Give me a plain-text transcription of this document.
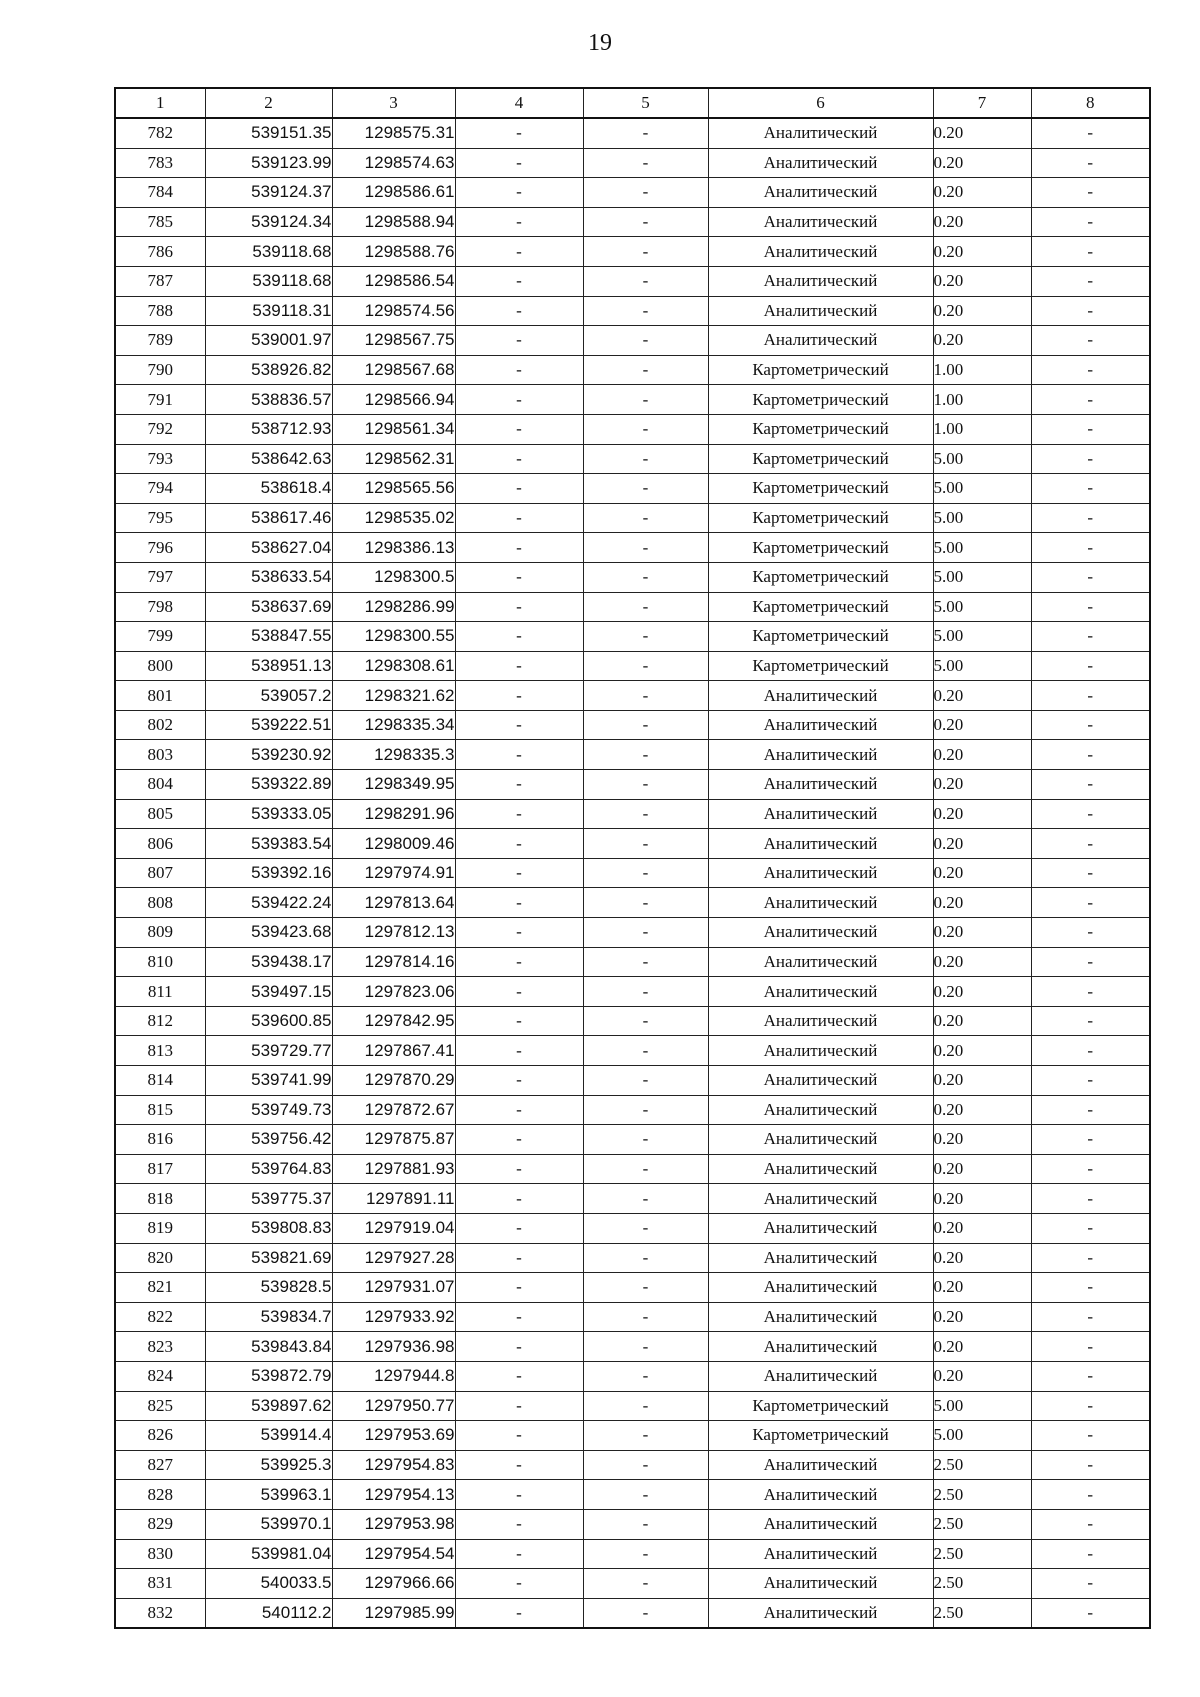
19
1	2	3	4	5	6	7	8
782	539151.35	1298575.31	-	-	Аналитический	0.20	-
783	539123.99	1298574.63	-	-	Аналитический	0.20	-
784	539124.37	1298586.61	-	-	Аналитический	0.20	-
785	539124.34	1298588.94	-	-	Аналитический	0.20	-
786	539118.68	1298588.76	-	-	Аналитический	0.20	-
787	539118.68	1298586.54	-	-	Аналитический	0.20	-
788	539118.31	1298574.56	-	-	Аналитический	0.20	-
789	539001.97	1298567.75	-	-	Аналитический	0.20	-
790	538926.82	1298567.68	-	-	Картометрический	1.00	-
791	538836.57	1298566.94	-	-	Картометрический	1.00	-
792	538712.93	1298561.34	-	-	Картометрический	1.00	-
793	538642.63	1298562.31	-	-	Картометрический	5.00	-
794	538618.4	1298565.56	-	-	Картометрический	5.00	-
795	538617.46	1298535.02	-	-	Картометрический	5.00	-
796	538627.04	1298386.13	-	-	Картометрический	5.00	-
797	538633.54	1298300.5	-	-	Картометрический	5.00	-
798	538637.69	1298286.99	-	-	Картометрический	5.00	-
799	538847.55	1298300.55	-	-	Картометрический	5.00	-
800	538951.13	1298308.61	-	-	Картометрический	5.00	-
801	539057.2	1298321.62	-	-	Аналитический	0.20	-
802	539222.51	1298335.34	-	-	Аналитический	0.20	-
803	539230.92	1298335.3	-	-	Аналитический	0.20	-
804	539322.89	1298349.95	-	-	Аналитический	0.20	-
805	539333.05	1298291.96	-	-	Аналитический	0.20	-
806	539383.54	1298009.46	-	-	Аналитический	0.20	-
807	539392.16	1297974.91	-	-	Аналитический	0.20	-
808	539422.24	1297813.64	-	-	Аналитический	0.20	-
809	539423.68	1297812.13	-	-	Аналитический	0.20	-
810	539438.17	1297814.16	-	-	Аналитический	0.20	-
811	539497.15	1297823.06	-	-	Аналитический	0.20	-
812	539600.85	1297842.95	-	-	Аналитический	0.20	-
813	539729.77	1297867.41	-	-	Аналитический	0.20	-
814	539741.99	1297870.29	-	-	Аналитический	0.20	-
815	539749.73	1297872.67	-	-	Аналитический	0.20	-
816	539756.42	1297875.87	-	-	Аналитический	0.20	-
817	539764.83	1297881.93	-	-	Аналитический	0.20	-
818	539775.37	1297891.11	-	-	Аналитический	0.20	-
819	539808.83	1297919.04	-	-	Аналитический	0.20	-
820	539821.69	1297927.28	-	-	Аналитический	0.20	-
821	539828.5	1297931.07	-	-	Аналитический	0.20	-
822	539834.7	1297933.92	-	-	Аналитический	0.20	-
823	539843.84	1297936.98	-	-	Аналитический	0.20	-
824	539872.79	1297944.8	-	-	Аналитический	0.20	-
825	539897.62	1297950.77	-	-	Картометрический	5.00	-
826	539914.4	1297953.69	-	-	Картометрический	5.00	-
827	539925.3	1297954.83	-	-	Аналитический	2.50	-
828	539963.1	1297954.13	-	-	Аналитический	2.50	-
829	539970.1	1297953.98	-	-	Аналитический	2.50	-
830	539981.04	1297954.54	-	-	Аналитический	2.50	-
831	540033.5	1297966.66	-	-	Аналитический	2.50	-
832	540112.2	1297985.99	-	-	Аналитический	2.50	-
